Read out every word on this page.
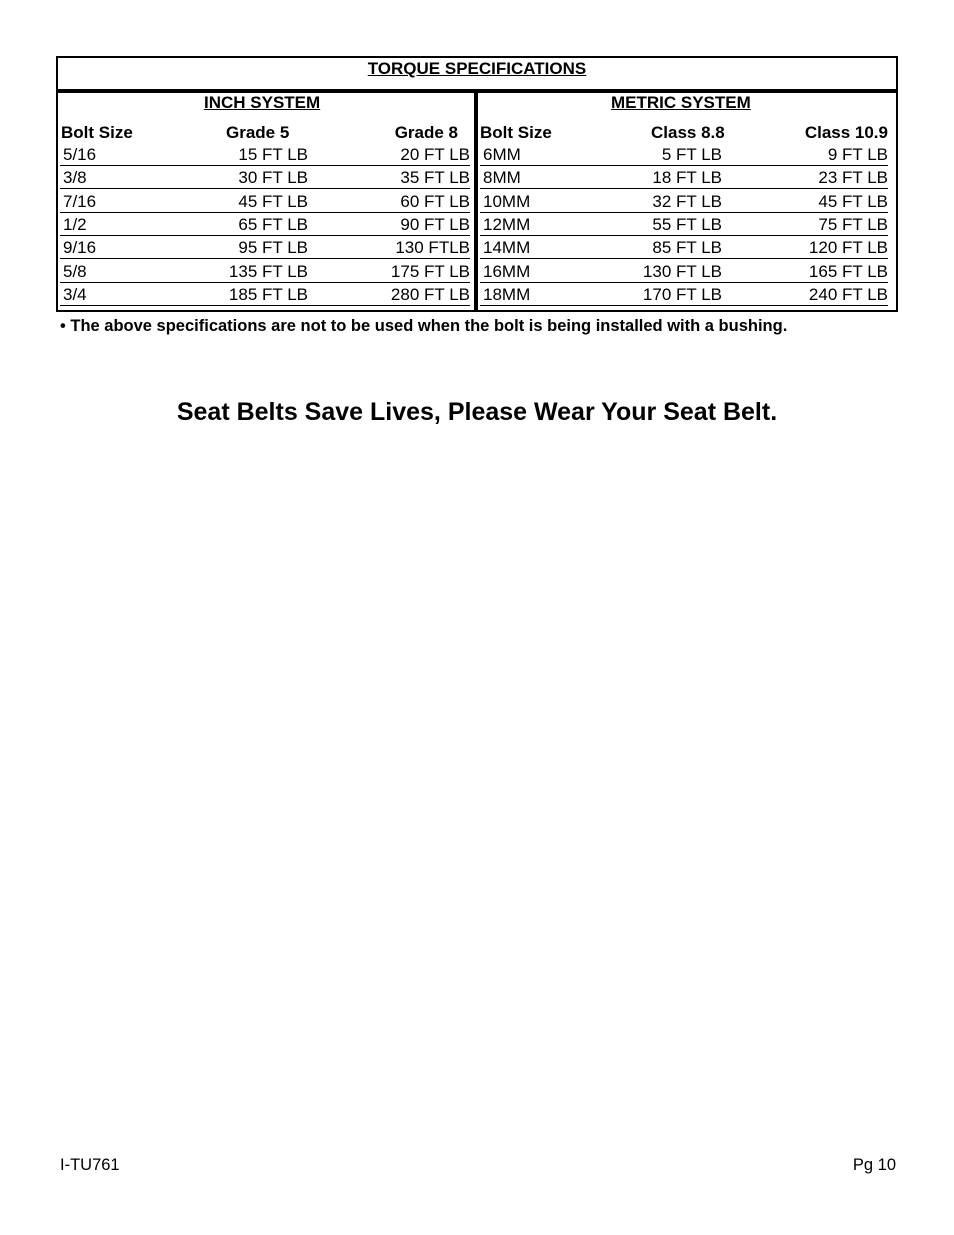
TORQUE SPECIFICATIONS
INCH SYSTEM	METRIC SYSTEM
Bolt Size	Grade 5	Grade 8 Bolt Size	Class 8.8	Class 10.9
5/16	15 FT LB	20 FT LB
3/8	30 FT LB	35 FT LB
7/16	45 FT LB	60 FT LB
1/2	65 FT LB	90 FT LB
9/16	95 FT LB	130 FTLB
5/8	135 FT LB	175 FT LB
3/4	185 FT LB	280 FT LB
6MM	5 FT LB	9 FT LB
8MM	18 FT LB	23 FT LB
10MM	32 FT LB	45 FT LB
12MM	55 FT LB	75 FT LB
14MM	85 FT LB	120 FT LB
16MM	130 FT LB	165 FT LB
18MM	170 FT LB	240 FT LB
• The above specifications are not to be used when the bolt is being installed with a bushing.
Seat Belts Save Lives, Please Wear Your Seat Belt.
I-TU761	Pg 10
